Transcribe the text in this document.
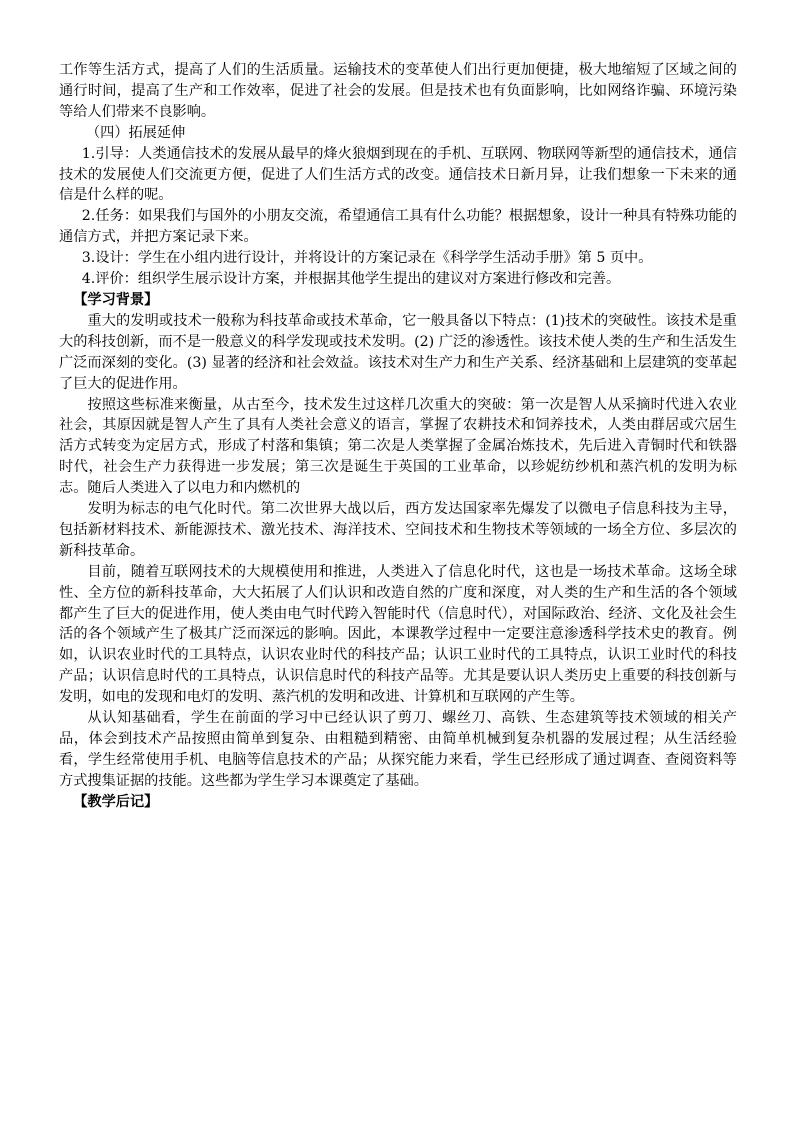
工作等生活方式，提高了人们的生活质量。运输技术的变革使人们出行更加便捷，极大地缩短了区域之间的通行时间，提高了生产和工作效率，促进了社会的发展。但是技术也有负面影响，比如网络诈骗、环境污染等给人们带来不良影响。

（四）拓展延伸

1.引导：人类通信技术的发展从最早的烽火狼烟到现在的手机、互联网、物联网等新型的通信技术，通信技术的发展使人们交流更方便，促进了人们生活方式的改变。通信技术日新月异，让我们想象一下未来的通信是什么样的呢。

2.任务：如果我们与国外的小朋友交流，希望通信工具有什么功能？根据想象，设计一种具有特殊功能的通信方式，并把方案记录下来。

3.设计：学生在小组内进行设计，并将设计的方案记录在《科学学生活动手册》第 5 页中。

4.评价：组织学生展示设计方案，并根据其他学生提出的建议对方案进行修改和完善。

【学习背景】

重大的发明或技术一般称为科技革命或技术革命，它一般具备以下特点：(1)技术的突破性。该技术是重大的科技创新，而不是一般意义的科学发现或技术发明。(2) 广泛的渗透性。该技术使人类的生产和生活发生广泛而深刻的变化。(3) 显著的经济和社会效益。该技术对生产力和生产关系、经济基础和上层建筑的变革起了巨大的促进作用。

按照这些标准来衡量，从古至今，技术发生过这样几次重大的突破：第一次是智人从采摘时代进入农业社会，其原因就是智人产生了具有人类社会意义的语言，掌握了农耕技术和饲养技术，人类由群居或穴居生活方式转变为定居方式，形成了村落和集镇；第二次是人类掌握了金属冶炼技术，先后进入青铜时代和铁器时代，社会生产力获得进一步发展；第三次是诞生于英国的工业革命，以珍妮纺纱机和蒸汽机的发明为标志。随后人类进入了以电力和内燃机的

发明为标志的电气化时代。第二次世界大战以后，西方发达国家率先爆发了以微电子信息科技为主导，包括新材料技术、新能源技术、激光技术、海洋技术、空间技术和生物技术等领域的一场全方位、多层次的新科技革命。

目前，随着互联网技术的大规模使用和推进，人类进入了信息化时代，这也是一场技术革命。这场全球性、全方位的新科技革命，大大拓展了人们认识和改造自然的广度和深度，对人类的生产和生活的各个领域都产生了巨大的促进作用，使人类由电气时代跨入智能时代（信息时代），对国际政治、经济、文化及社会生活的各个领域产生了极其广泛而深远的影响。因此，本课教学过程中一定要注意渗透科学技术史的教育。例如，认识农业时代的工具特点，认识农业时代的科技产品；认识工业时代的工具特点，认识工业时代的科技产品；认识信息时代的工具特点，认识信息时代的科技产品等。尤其是要认识人类历史上重要的科技创新与发明，如电的发现和电灯的发明、蒸汽机的发明和改进、计算机和互联网的产生等。

从认知基础看，学生在前面的学习中已经认识了剪刀、螺丝刀、高铁、生态建筑等技术领域的相关产品，体会到技术产品按照由简单到复杂、由粗糙到精密、由简单机械到复杂机器的发展过程；从生活经验看，学生经常使用手机、电脑等信息技术的产品；从探究能力来看，学生已经形成了通过调查、查阅资料等方式搜集证据的技能。这些都为学生学习本课奠定了基础。

【教学后记】
